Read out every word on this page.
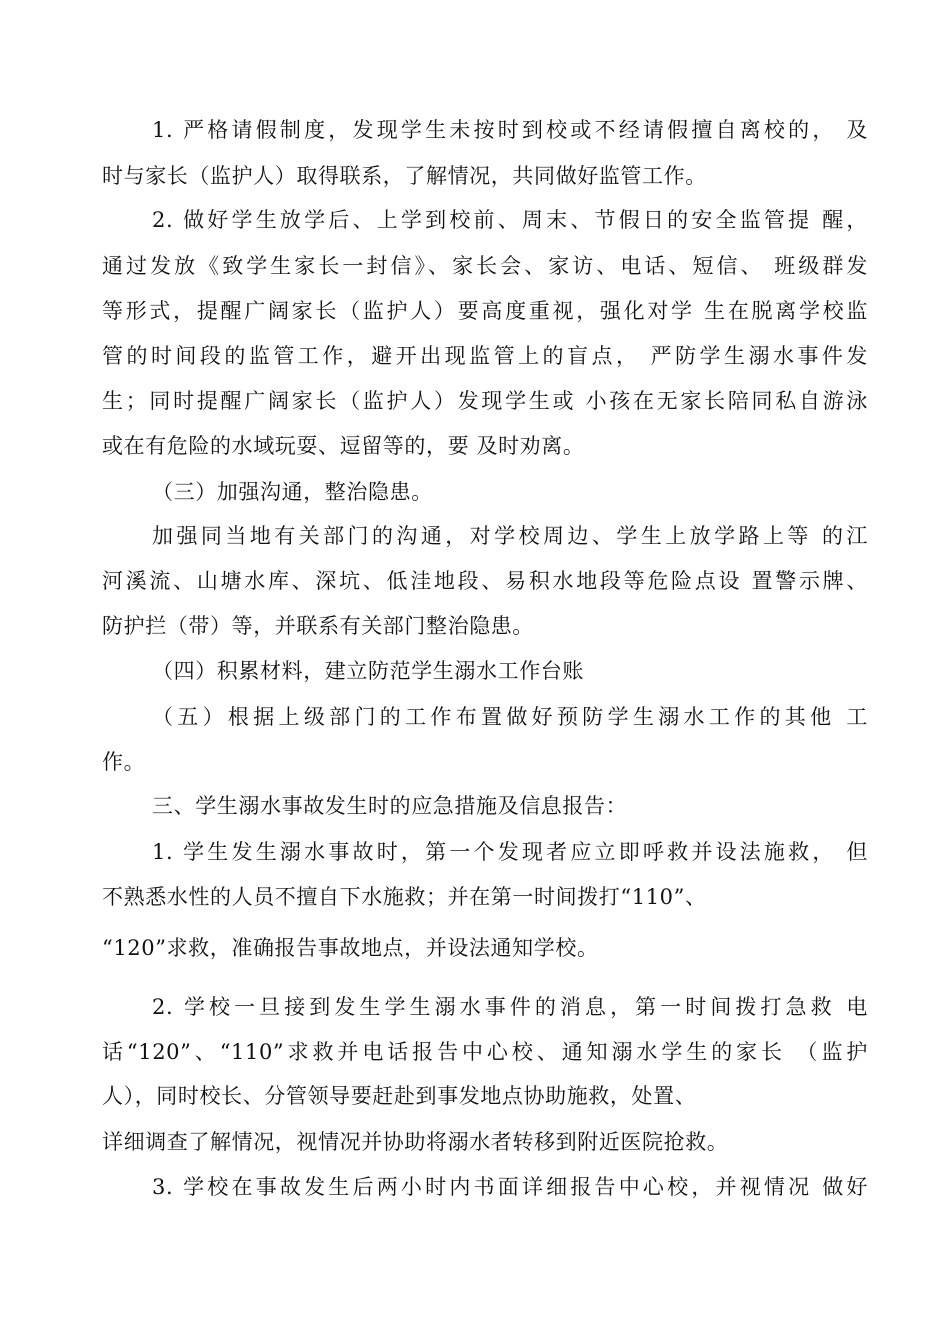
1. 严格请假制度，发现学生未按时到校或不经请假擅自离校的， 及
时与家长（监护人）取得联系，了解情况，共同做好监管工作。
2. 做好学生放学后、上学到校前、周末、节假日的安全监管提 醒，
通过发放《致学生家长一封信》、家长会、家访、电话、短信、 班级群发
等形式，提醒广阔家长（监护人）要高度重视，强化对学 生在脱离学校监
管的时间段的监管工作，避开出现监管上的盲点， 严防学生溺水事件发
生；同时提醒广阔家长（监护人）发现学生或 小孩在无家长陪同私自游泳
或在有危险的水域玩耍、逗留等的，要 及时劝离。
（三）加强沟通，整治隐患。
加强同当地有关部门的沟通，对学校周边、学生上放学路上等 的江
河溪流、山塘水库、深坑、低洼地段、易积水地段等危险点设 置警示牌、
防护拦（带）等，并联系有关部门整治隐患。
（四）积累材料，建立防范学生溺水工作台账
（五）根据上级部门的工作布置做好预防学生溺水工作的其他 工
作。
三、学生溺水事故发生时的应急措施及信息报告：
1. 学生发生溺水事故时，第一个发现者应立即呼救并设法施救， 但
不熟悉水性的人员不擅自下水施救；并在第一时间拨打“110”、
“120”求救，准确报告事故地点，并设法通知学校。
2. 学校一旦接到发生学生溺水事件的消息，第一时间拨打急救 电
话“120”、“110”求救并电话报告中心校、通知溺水学生的家长 （监护
人），同时校长、分管领导要赶赴到事发地点协助施救，处置、
详细调查了解情况，视情况并协助将溺水者转移到附近医院抢救。
3. 学校在事故发生后两小时内书面详细报告中心校，并视情况 做好
